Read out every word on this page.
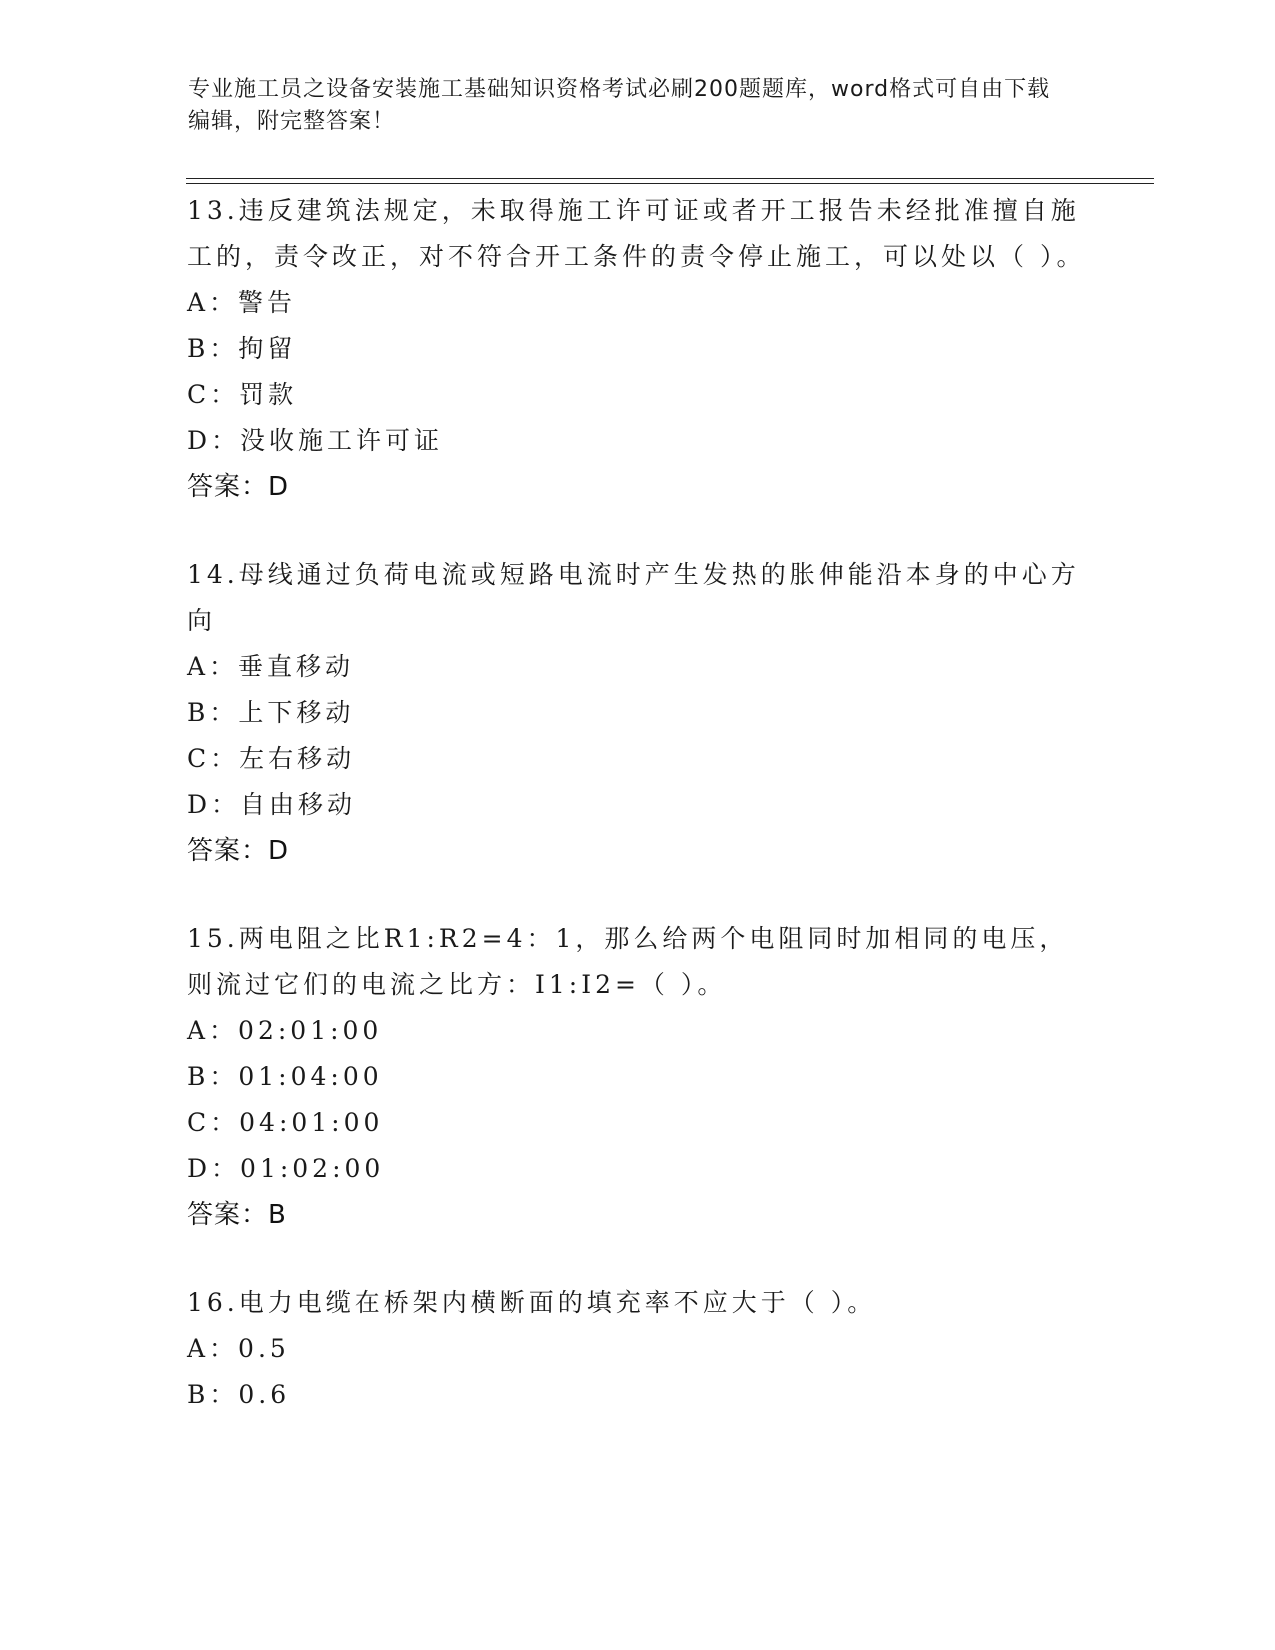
专业施工员之设备安装施工基础知识资格考试必刷200题题库，word格式可自由下载编辑，附完整答案！

13.违反建筑法规定，未取得施工许可证或者开工报告未经批准擅自施工的，责令改正，对不符合开工条件的责令停止施工，可以处以（ ）。

A：警告

B：拘留

C：罚款

D：没收施工许可证

答案：D

14.母线通过负荷电流或短路电流时产生发热的胀伸能沿本身的中心方向

A：垂直移动

B：上下移动

C：左右移动

D：自由移动

答案：D

15.两电阻之比R1:R2=4：1，那么给两个电阻同时加相同的电压，则流过它们的电流之比方：I1:I2=（ ）。

A：02:01:00

B：01:04:00

C：04:01:00

D：01:02:00

答案：B

16.电力电缆在桥架内横断面的填充率不应大于（ ）。

A：0.5

B：0.6
